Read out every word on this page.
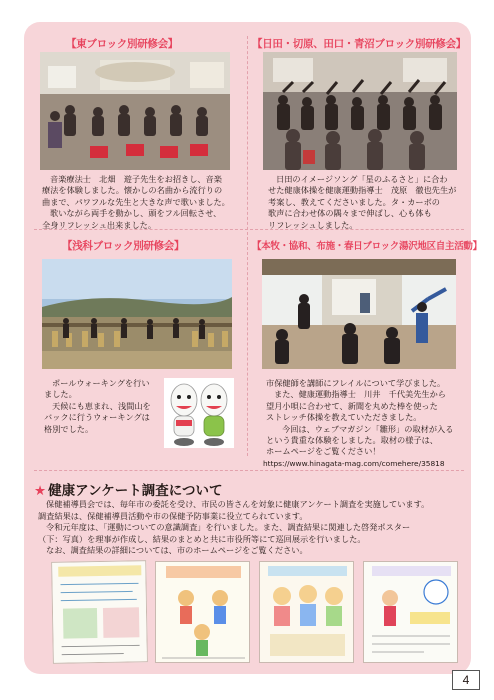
【東ブロック別研修会】

音楽療法士　北畑　遊子先生をお招きし、音楽

療法を体験しました。懐かしの名曲から流行りの

曲まで、パワフルな先生と大きな声で歌いました。

歌いながら両手を動かし、頭をフル回転させ、

全身リフレッシュ出来ました。

【日田・切原、田口・青沼ブロック別研修会】

日田のイメージソング「星のふるさと」に合わ

せた健康体操を健康運動指導士　茂原　徹也先生が

考案し、教えてくださいました。タ・カーボの

歌声に合わせ体の隅々まで伸ばし、心も体も

リフレッシュしました。

【浅科ブロック別研修会】

ポールウォーキングを行い

ました。

天候にも恵まれ、浅間山を

バックに行うウォーキングは

格別でした。

【本牧・協和、布施・春日ブロック湯沢地区自主活動】

市保健師を講師にフレイルについて学びました。

また、健康運動指導士　川井　千代美先生から

望月小唄に合わせて、新聞を丸めた棒を使った

ストレッチ体操を教えていただきました。

今回は、ウェブマガジン「雛形」の取材が入る

という貴重な体験をしました。取材の様子は、

ホームページをご覧ください！

https://www.hinagata-mag.com/comehere/35818
★ 健康アンケート調査について

保健補導員会では、毎年市の委託を受け、市民の皆さんを対象に健康アンケート調査を実施しています。

調査結果は、保健補導員活動や市の保健予防事業に役立てられています。

令和元年度は、「運動についての意識調査」を行いました。また、調査結果に関連した啓発ポスター

（下：写真）を理事が作成し、結果のまとめと共に市役所等にて巡回展示を行いました。

なお、調査結果の詳細については、市のホームページをご覧ください。

4
